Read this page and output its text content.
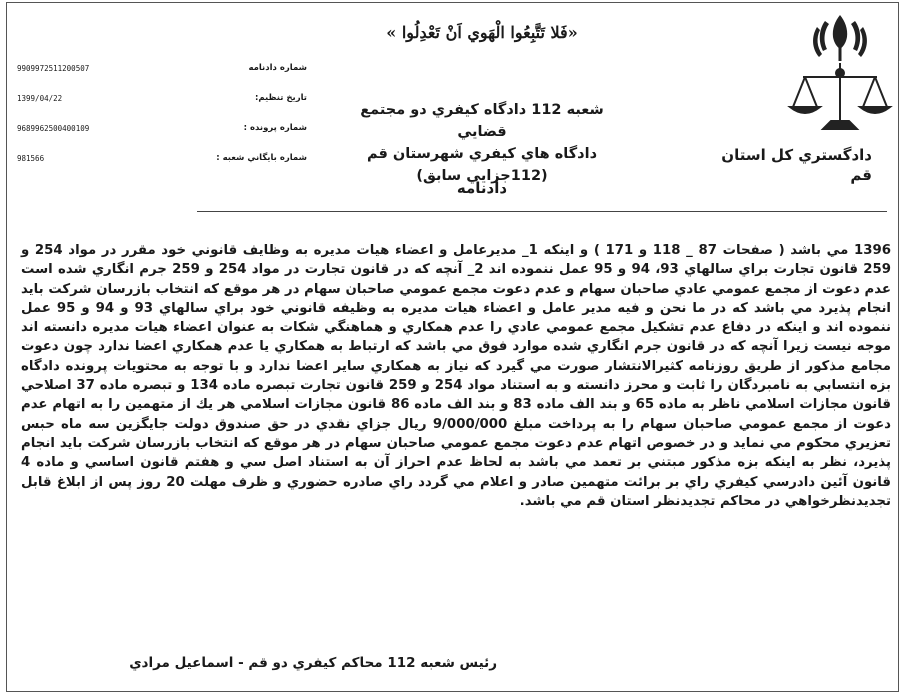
دادگستري كل استان
قم
«فَلا تَتَّبِعُوا الْهَوي اَنْ تَعْدِلُوا »
شعبه 112 دادگاه كيفري دو مجتمع قضايي
دادگاه هاي كيفري شهرستان قم
(112جزايي سابق)
دادنامه
شماره دادنامه
9909972511200507
تاريخ تنظيم:
1399/04/22
شماره پرونده :
9689962500400109
شماره بايگاني شعبه :
981566
1396 مي باشد ( صفحات 87 _ 118 و 171 ) و اينكه 1_ مديرعامل و اعضاء هيات مديره به وظايف قانوني خود مقرر در مواد 254 و 259 قانون تجارت براي سالهاي 93، 94 و 95 عمل ننموده اند 2_ آنچه كه در قانون تجارت در مواد 254 و 259 جرم انگاري شده است عدم دعوت از مجمع عمومي عادي صاحبان سهام و عدم دعوت مجمع عمومي صاحبان سهام در هر موقع كه انتخاب بازرسان شركت بايد انجام پذيرد مي باشد كه در ما نحن و فيه مدير عامل و اعضاء هيات مديره به وظيفه قانوني خود براي سالهاي 93 و 94 و 95 عمل ننموده اند و اينكه در دفاع عدم تشكيل مجمع عمومي عادي را عدم همكاري و هماهنگي شكات به عنوان اعضاء هيات مديره دانسته اند موجه نيست زيرا آنچه كه در قانون جرم انگاري شده موارد فوق مي باشد كه ارتباط به همكاري يا عدم همكاري اعضا ندارد چون دعوت مجامع مذكور از طريق روزنامه كثيرالانتشار صورت مي گيرد كه نياز به همكاري ساير اعضا ندارد و با توجه به محتويات پرونده دادگاه بزه انتسابي به نامبردگان را ثابت و محرز دانسته و به استناد مواد 254 و 259 قانون تجارت تبصره ماده 134 و تبصره ماده 37 اصلاحي قانون مجازات اسلامي ناظر به ماده 65 و بند الف ماده 83 و بند الف ماده 86 قانون مجازات اسلامي هر يك از متهمين را به اتهام عدم دعوت از مجمع عمومي صاحبان سهام را به پرداخت مبلغ 9/000/000 ريال جزاي نقدي در حق صندوق دولت جايگزين سه ماه حبس تعزيري محكوم مي نمايد و در خصوص اتهام عدم دعوت مجمع عمومي صاحبان سهام در هر موقع كه انتخاب بازرسان شركت بايد انجام پذيرد، نظر به اينكه بزه مذكور مبتني بر تعمد مي باشد به لحاظ عدم احراز آن به استناد اصل سي و هفتم قانون اساسي و ماده 4 قانون آئين دادرسي كيفري راي بر برائت متهمين صادر و اعلام مي گردد راي صادره حضوري و ظرف مهلت 20 روز پس از ابلاغ قابل تجديدنظرخواهي در محاكم تجديدنظر استان قم مي باشد.
رئيس شعبه 112 محاكم كيفري دو قم - اسماعيل مرادي
